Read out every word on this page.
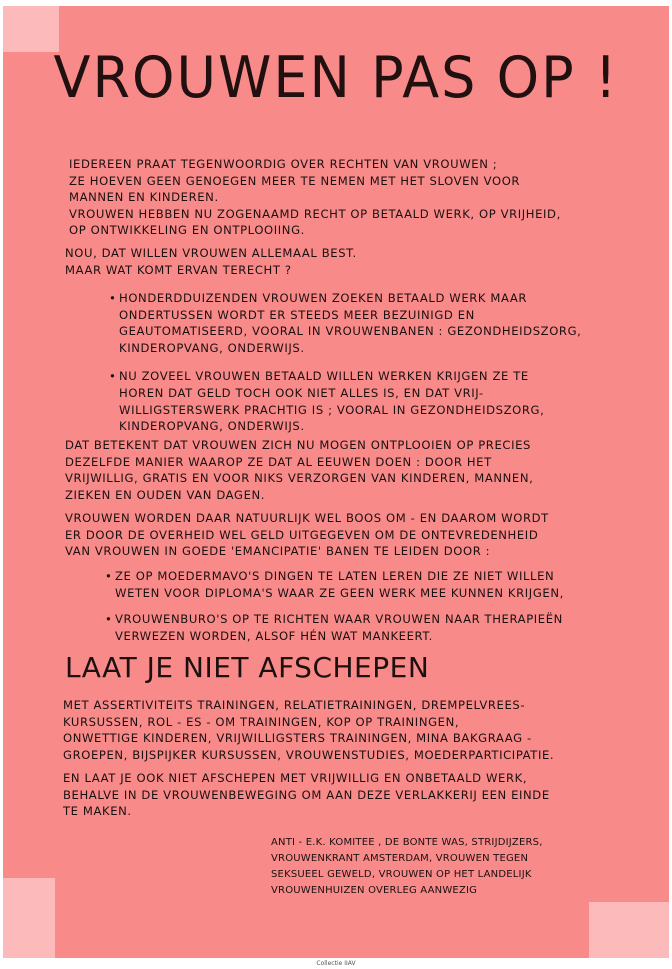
VROUWEN PAS OP !
IEDEREEN PRAAT TEGENWOORDIG OVER RECHTEN VAN VROUWEN ;
ZE HOEVEN GEEN GENOEGEN MEER TE NEMEN MET HET SLOVEN VOOR
MANNEN EN KINDEREN.
VROUWEN HEBBEN NU ZOGENAAMD RECHT OP BETAALD WERK, OP VRIJHEID,
OP ONTWIKKELING EN ONTPLOOIING.
NOU, DAT WILLEN VROUWEN ALLEMAAL BEST.
MAAR WAT KOMT ERVAN TERECHT ?
• HONDERDDUIZENDEN VROUWEN ZOEKEN BETAALD WERK MAAR
ONDERTUSSEN WORDT ER STEEDS MEER BEZUINIGD EN
GEAUTOMATISEERD, VOORAL IN VROUWENBANEN : GEZONDHEIDSZORG,
KINDEROPVANG, ONDERWIJS.
• NU ZOVEEL VROUWEN BETAALD WILLEN WERKEN KRIJGEN ZE TE
HOREN DAT GELD TOCH OOK NIET ALLES IS, EN DAT VRIJ-
WILLIGSTERSWERK PRACHTIG IS ; VOORAL IN GEZONDHEIDSZORG,
KINDEROPVANG, ONDERWIJS.
DAT BETEKENT DAT VROUWEN ZICH NU MOGEN ONTPLOOIEN OP PRECIES
DEZELFDE MANIER WAAROP ZE DAT AL EEUWEN DOEN : DOOR HET
VRIJWILLIG, GRATIS EN VOOR NIKS VERZORGEN VAN KINDEREN, MANNEN,
ZIEKEN EN OUDEN VAN DAGEN.
VROUWEN WORDEN DAAR NATUURLIJK WEL BOOS OM - EN DAAROM WORDT
ER DOOR DE OVERHEID WEL GELD UITGEGEVEN OM DE ONTEVREDENHEID
VAN VROUWEN IN GOEDE 'EMANCIPATIE' BANEN TE LEIDEN DOOR :
• ZE OP MOEDERMAVO'S DINGEN TE LATEN LEREN DIE ZE NIET WILLEN
WETEN VOOR DIPLOMA'S WAAR ZE GEEN WERK MEE KUNNEN KRIJGEN,
• VROUWENBURO'S OP TE RICHTEN WAAR VROUWEN NAAR THERAPIEËN
VERWEZEN WORDEN, ALSOF HÉN WAT MANKEERT.
LAAT JE NIET AFSCHEPEN
MET ASSERTIVITEITS TRAININGEN, RELATIETRAININGEN, DREMPELVREES-
KURSUSSEN, ROL - ES - OM TRAININGEN, KOP OP TRAININGEN,
ONWETTIGE KINDEREN, VRIJWILLIGSTERS TRAININGEN, MINA BAKGRAAG -
GROEPEN, BIJSPIJKER KURSUSSEN, VROUWENSTUDIES, MOEDERPARTICIPATIE.
EN LAAT JE OOK NIET AFSCHEPEN MET VRIJWILLIG EN ONBETAALD WERK,
BEHALVE IN DE VROUWENBEWEGING OM AAN DEZE VERLAKKERIJ EEN EINDE
TE MAKEN.
ANTI - E.K. KOMITEE , DE BONTE WAS, STRIJDIJZERS,
VROUWENKRANT AMSTERDAM, VROUWEN TEGEN
SEKSUEEL GEWELD, VROUWEN OP HET LANDELIJK
VROUWENHUIZEN OVERLEG AANWEZIG
Collectie IIAV
